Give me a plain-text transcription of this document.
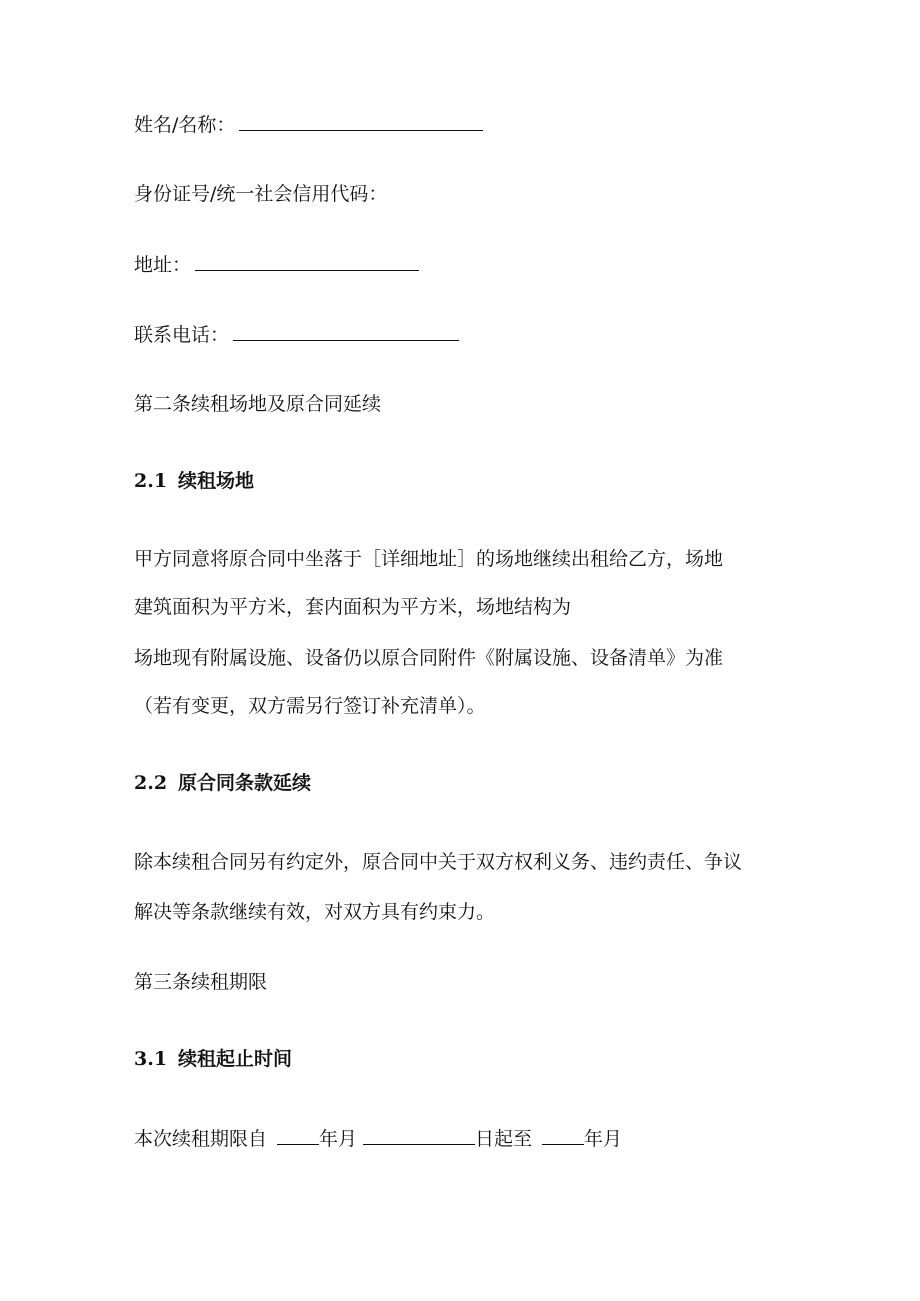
姓名/名称：
身份证号/统一社会信用代码：
地址：
联系电话：
第二条续租场地及原合同延续
2.1 续租场地
甲方同意将原合同中坐落于［详细地址］的场地继续出租给乙方，场地
建筑面积为平方米，套内面积为平方米，场地结构为
场地现有附属设施、设备仍以原合同附件《附属设施、设备清单》为准
（若有变更，双方需另行签订补充清单）。
2.2 原合同条款延续
除本续租合同另有约定外，原合同中关于双方权利义务、违约责任、争议
解决等条款继续有效，对双方具有约束力。
第三条续租期限
3.1 续租起止时间
本次续租期限自	年月	日起至	年月
